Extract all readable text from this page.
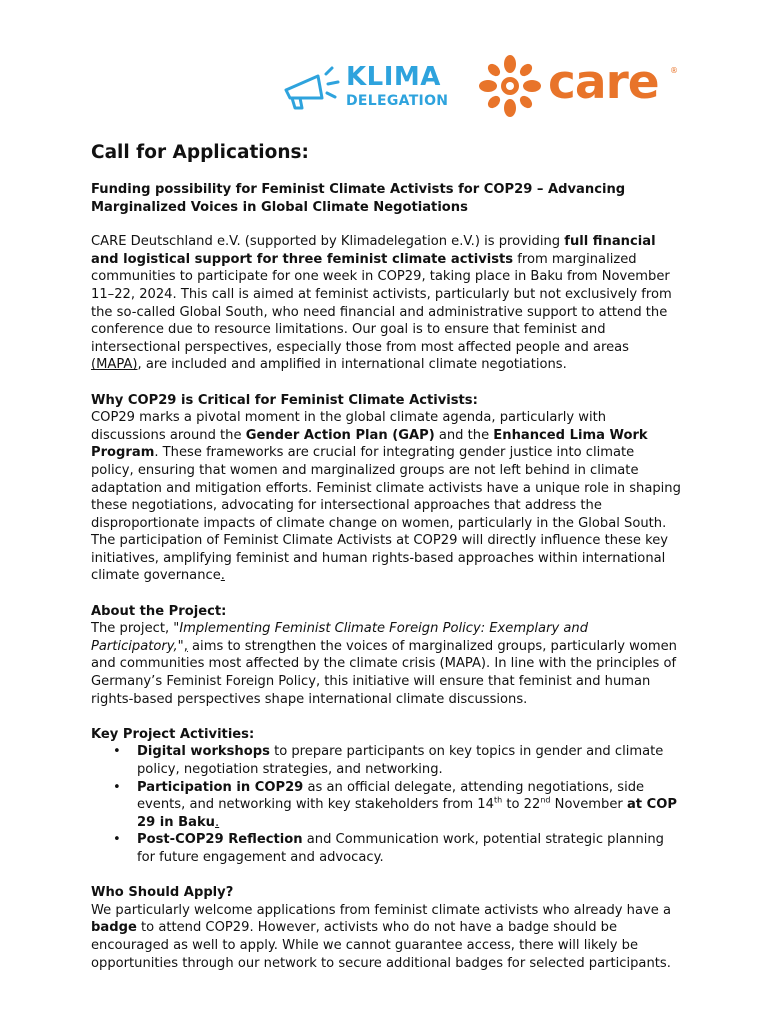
KLIMA
DELEGATION care ®
Call for Applications:

Funding possibility for Feminist Climate Activists for COP29 – Advancing Marginalized Voices in Global Climate Negotiations

CARE Deutschland e.V. (supported by Klimadelegation e.V.) is providing full financial and logistical support for three feminist climate activists from marginalized communities to participate for one week in COP29, taking place in Baku from November 11–22, 2024. This call is aimed at feminist activists, particularly but not exclusively from the so-called Global South, who need financial and administrative support to attend the conference due to resource limitations. Our goal is to ensure that feminist and intersectional perspectives, especially those from most affected people and areas (MAPA), are included and amplified in international climate negotiations.

Why COP29 is Critical for Feminist Climate Activists:

COP29 marks a pivotal moment in the global climate agenda, particularly with discussions around the Gender Action Plan (GAP) and the Enhanced Lima Work Program. These frameworks are crucial for integrating gender justice into climate policy, ensuring that women and marginalized groups are not left behind in climate adaptation and mitigation efforts. Feminist climate activists have a unique role in shaping these negotiations, advocating for intersectional approaches that address the disproportionate impacts of climate change on women, particularly in the Global South. The participation of Feminist Climate Activists at COP29 will directly influence these key initiatives, amplifying feminist and human rights-based approaches within international climate governance.

About the Project:

The project, "Implementing Feminist Climate Foreign Policy: Exemplary and Participatory,", aims to strengthen the voices of marginalized groups, particularly women and communities most affected by the climate crisis (MAPA). In line with the principles of Germany’s Feminist Foreign Policy, this initiative will ensure that feminist and human rights-based perspectives shape international climate discussions.

Key Project Activities:

• Digital workshops to prepare participants on key topics in gender and climate policy, negotiation strategies, and networking.
• Participation in COP29 as an official delegate, attending negotiations, side events, and networking with key stakeholders from 14th to 22nd November at COP 29 in Baku.
• Post-COP29 Reflection and Communication work, potential strategic planning for future engagement and advocacy.

Who Should Apply?

We particularly welcome applications from feminist climate activists who already have a badge to attend COP29. However, activists who do not have a badge should be encouraged as well to apply. While we cannot guarantee access, there will likely be opportunities through our network to secure additional badges for selected participants.
